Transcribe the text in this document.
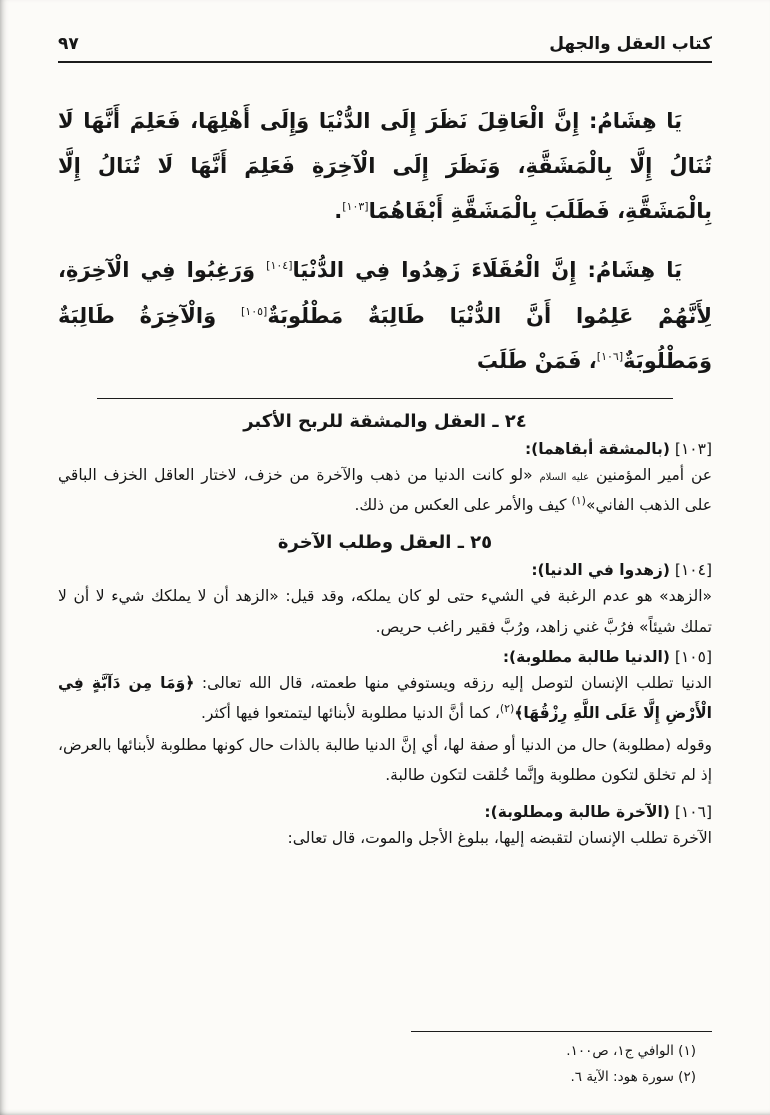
كتاب العقل والجهل
٩٧

يَا هِشَامُ: إِنَّ الْعَاقِلَ نَظَرَ إِلَى الدُّنْيَا وَإِلَى أَهْلِهَا، فَعَلِمَ أَنَّهَا لَا تُنَالُ إِلَّا بِالْمَشَقَّةِ، وَنَظَرَ إِلَى الْآخِرَةِ فَعَلِمَ أَنَّهَا لَا تُنَالُ إِلَّا بِالْمَشَقَّةِ، فَطَلَبَ بِالْمَشَقَّةِ أَبْقَاهُمَا[١٠٣].

يَا هِشَامُ: إِنَّ الْعُقَلَاءَ زَهِدُوا فِي الدُّنْيَا[١٠٤] وَرَغِبُوا فِي الْآخِرَةِ، لِأَنَّهُمْ عَلِمُوا أَنَّ الدُّنْيَا طَالِبَةٌ مَطْلُوبَةٌ[١٠٥] وَالْآخِرَةُ طَالِبَةٌ وَمَطْلُوبَةٌ[١٠٦]، فَمَنْ طَلَبَ

٢٤ ـ العقل والمشقة للربح الأكبر

[١٠٣] (بالمشقة أبقاهما):

عن أمير المؤمنين عليه السلام «لو كانت الدنيا من ذهب والآخرة من خزف، لاختار العاقل الخزف الباقي على الذهب الفاني»$^{(١)}$ كيف والأمر على العكس من ذلك.

٢٥ ـ العقل وطلب الآخرة

[١٠٤] (زهدوا في الدنيا):

«الزهد» هو عدم الرغبة في الشيء حتى لو كان يملكه، وقد قيل: «الزهد أن لا يملكك شيء لا أن لا تملك شيئاً» فرُبَّ غني زاهد، ورُبَّ فقير راغب حريص.

[١٠٥] (الدنيا طالبة مطلوبة):

الدنيا تطلب الإنسان لتوصل إليه رزقه ويستوفي منها طعمته، قال الله تعالى: ﴿وَمَا مِن دَآبَّةٍ فِي الْأَرْضِ إِلَّا عَلَى اللَّهِ رِزْقُهَا﴾$^{(٢)}$، كما أنَّ الدنيا مطلوبة لأبنائها ليتمتعوا فيها أكثر.

وقوله (مطلوبة) حال من الدنيا أو صفة لها، أي إنَّ الدنيا طالبة بالذات حال كونها مطلوبة لأبنائها بالعرض، إذ لم تخلق لتكون مطلوبة وإنَّما خُلقت لتكون طالبة.

[١٠٦] (الآخرة طالبة ومطلوبة):

الآخرة تطلب الإنسان لتقبضه إليها، ببلوغ الأجل والموت، قال تعالى:

(١) الوافي ج١، ص١٠٠.

(٢) سورة هود: الآية ٦.
